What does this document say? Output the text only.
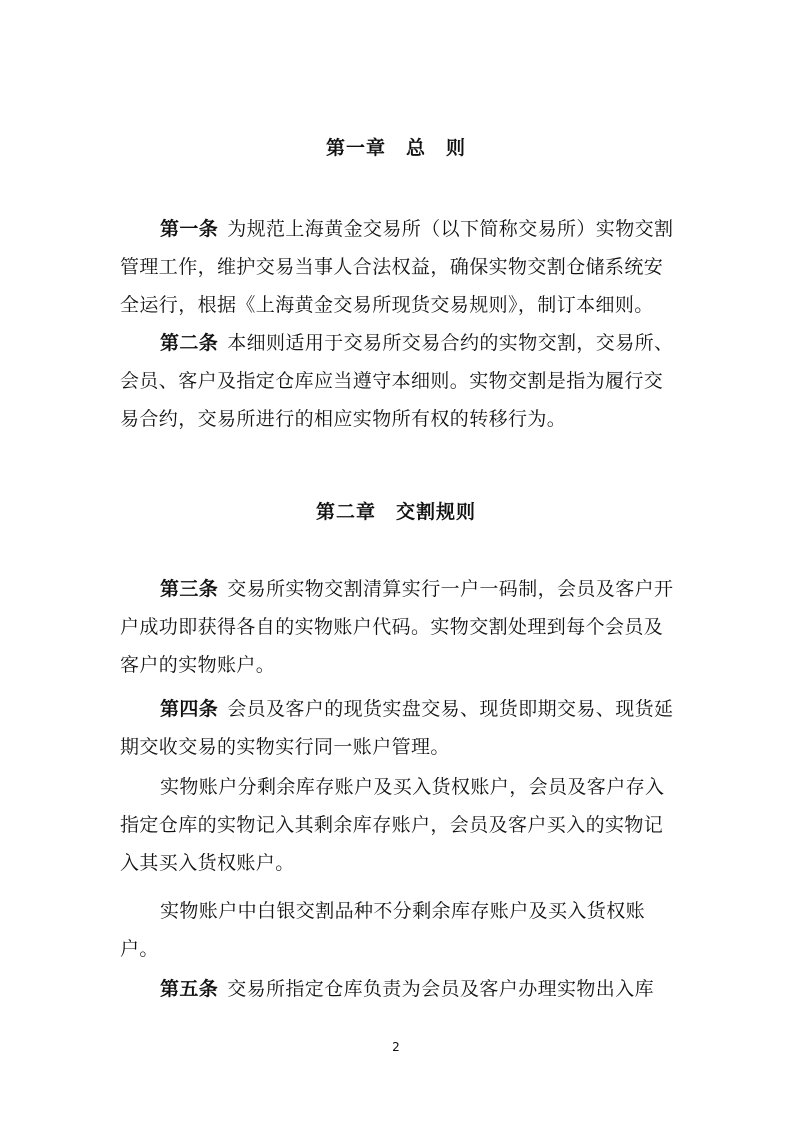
第一章　总　则

第一条 为规范上海黄金交易所（以下简称交易所）实物交割管理工作，维护交易当事人合法权益，确保实物交割仓储系统安全运行，根据《上海黄金交易所现货交易规则》，制订本细则。

第二条 本细则适用于交易所交易合约的实物交割，交易所、会员、客户及指定仓库应当遵守本细则。实物交割是指为履行交易合约，交易所进行的相应实物所有权的转移行为。

第二章　交割规则

第三条 交易所实物交割清算实行一户一码制，会员及客户开户成功即获得各自的实物账户代码。实物交割处理到每个会员及客户的实物账户。

第四条 会员及客户的现货实盘交易、现货即期交易、现货延期交收交易的实物实行同一账户管理。

实物账户分剩余库存账户及买入货权账户，会员及客户存入指定仓库的实物记入其剩余库存账户，会员及客户买入的实物记入其买入货权账户。

实物账户中白银交割品种不分剩余库存账户及买入货权账户。

第五条 交易所指定仓库负责为会员及客户办理实物出入库

2
